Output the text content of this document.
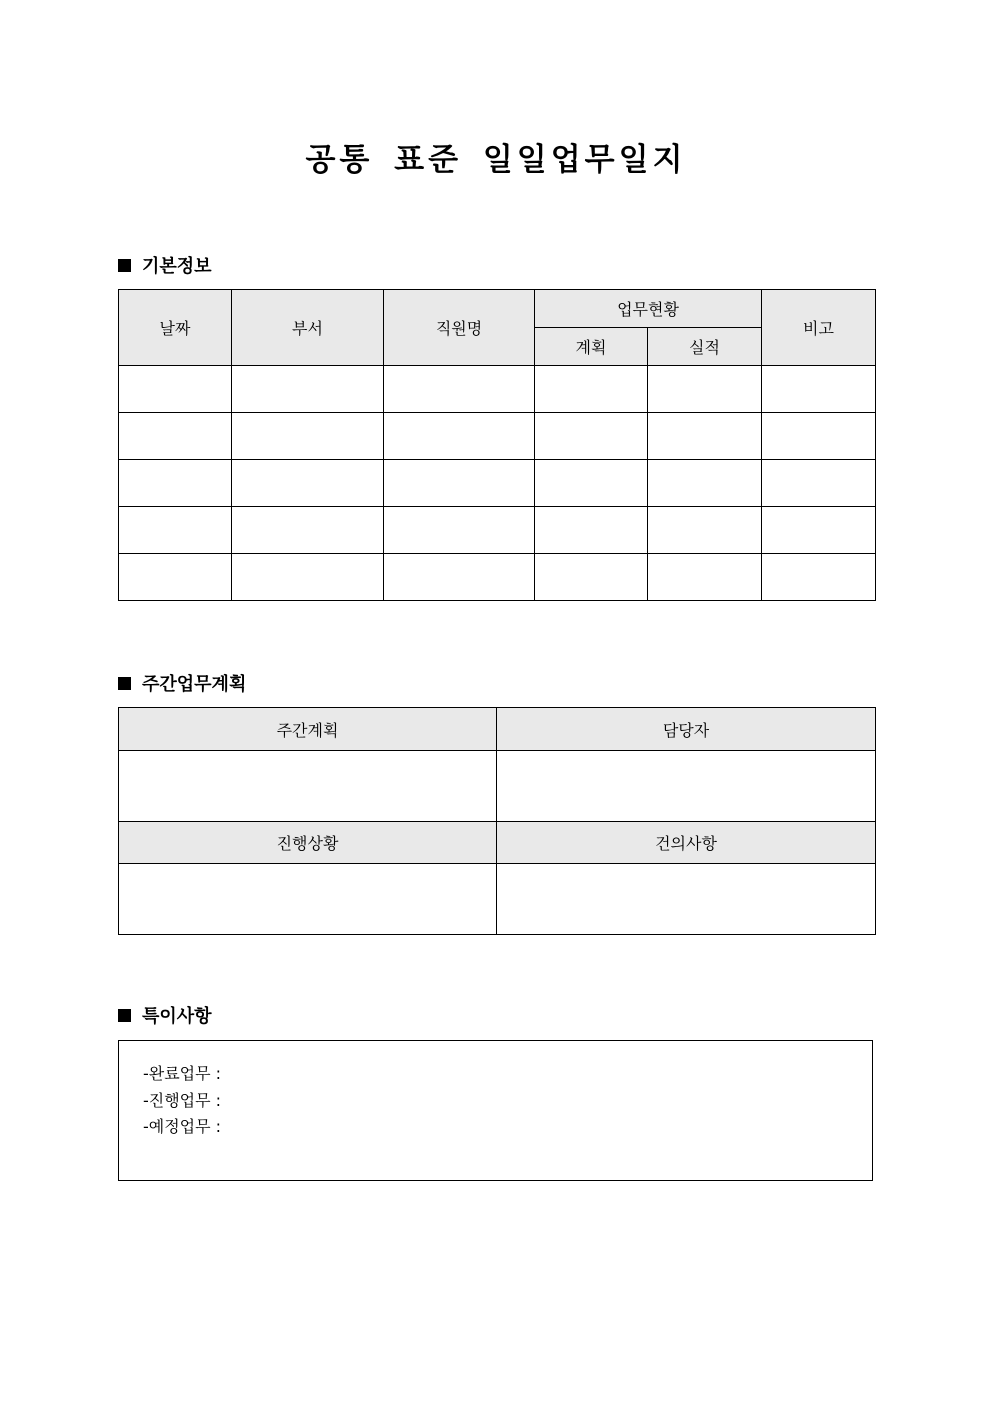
공통 표준 일일업무일지
기본정보
날짜	부서	직원명	업무현황		비고
			계획	실적	

주간업무계획
주간계획	담당자

진행상황	건의사항

특이사항
-완료업무 :
-진행업무 :
-예정업무 :
